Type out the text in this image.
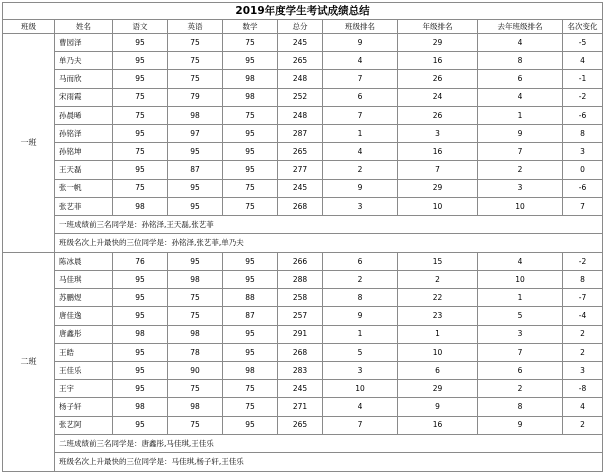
2019年度学生考试成绩总结									
班级	姓名	语文	英语	数学	总分	班级排名	年级排名	去年班级排名	名次变化
一班	曹园泽	95	75	75	245	9	29	4	-5
	单乃夫	95	75	95	265	4	16	8	4
	马而欣	95	75	98	248	7	26	6	-1
	宋雨霞	75	79	98	252	6	24	4	-2
	孙晨晞	75	98	75	248	7	26	1	-6
	孙铭泽	95	97	95	287	1	3	9	8
	孙铭坤	75	95	95	265	4	16	7	3
	王天磊	95	87	95	277	2	7	2	0
	张一帆	75	95	75	245	9	29	3	-6
	张艺菲	98	95	75	268	3	10	10	7
	一班成绩前三名同学是：孙铭泽,王天磊,张艺菲								
	班级名次上升最快的三位同学是：孙铭泽,张艺菲,单乃夫								
二班	陈冰晨	76	95	95	266	6	15	4	-2
	马佳琪	95	98	95	288	2	2	10	8
	苏鹏煜	95	75	88	258	8	22	1	-7
	唐佳逸	95	75	87	257	9	23	5	-4
	唐鑫彤	98	98	95	291	1	1	3	2
	王皓	95	78	95	268	5	10	7	2
	王佳乐	95	90	98	283	3	6	6	3
	王宇	95	75	75	245	10	29	2	-8
	杨子轩	98	98	75	271	4	9	8	4
	张艺阿	95	75	95	265	7	16	9	2
	二班成绩前三名同学是：唐鑫彤,马佳琪,王佳乐								
	班级名次上升最快的三位同学是：马佳琪,杨子轩,王佳乐								
